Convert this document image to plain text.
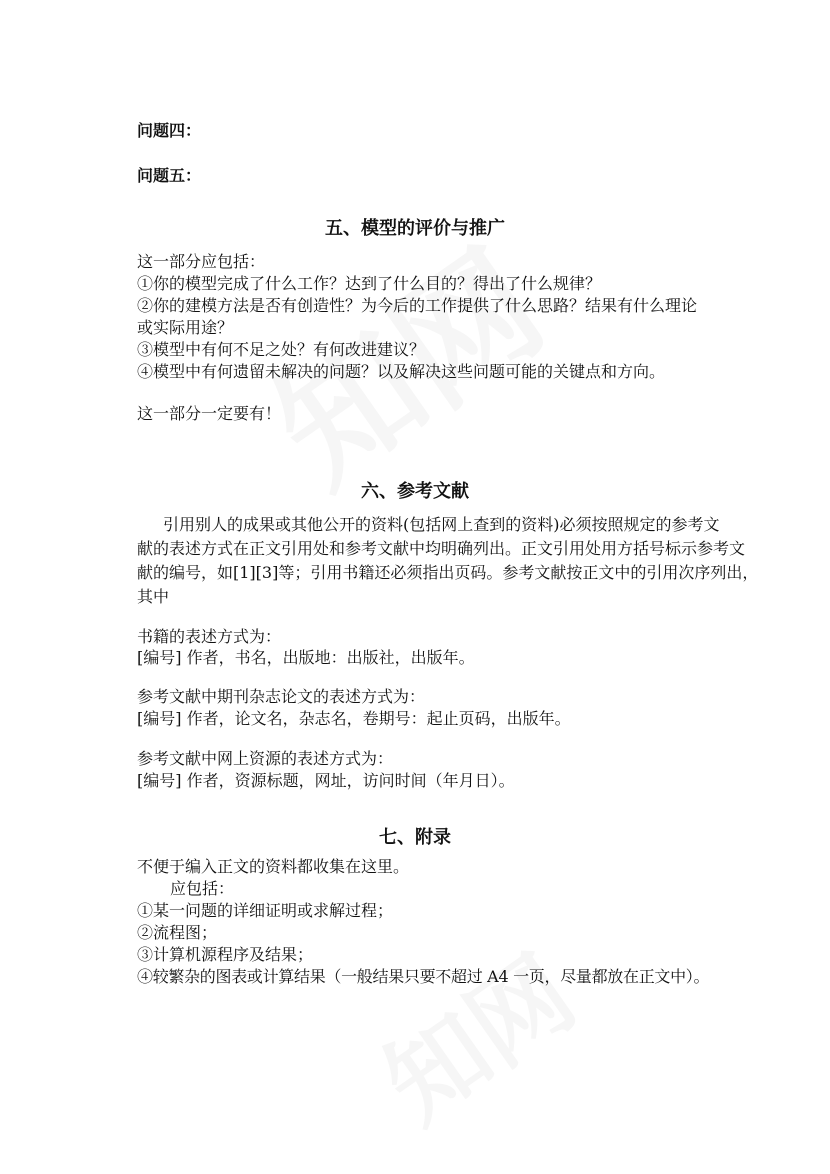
问题四：
问题五：
五、模型的评价与推广
这一部分应包括：
①你的模型完成了什么工作？达到了什么目的？得出了什么规律？
②你的建模方法是否有创造性？为今后的工作提供了什么思路？结果有什么理论
或实际用途？
③模型中有何不足之处？有何改进建议？
④模型中有何遗留未解决的问题？以及解决这些问题可能的关键点和方向。
这一部分一定要有！
六、参考文献
引用别人的成果或其他公开的资料(包括网上查到的资料)必须按照规定的参考文
献的表述方式在正文引用处和参考文献中均明确列出。正文引用处用方括号标示参考文
献的编号，如[1][3]等；引用书籍还必须指出页码。参考文献按正文中的引用次序列出，
其中
书籍的表述方式为：
[编号] 作者，书名，出版地：出版社，出版年。
参考文献中期刊杂志论文的表述方式为：
[编号] 作者，论文名，杂志名，卷期号：起止页码，出版年。
参考文献中网上资源的表述方式为：
[编号] 作者，资源标题，网址，访问时间（年月日）。
七、附录
不便于编入正文的资料都收集在这里。
应包括：
①某一问题的详细证明或求解过程；
②流程图；
③计算机源程序及结果；
④较繁杂的图表或计算结果（一般结果只要不超过 A4 一页，尽量都放在正文中）。
